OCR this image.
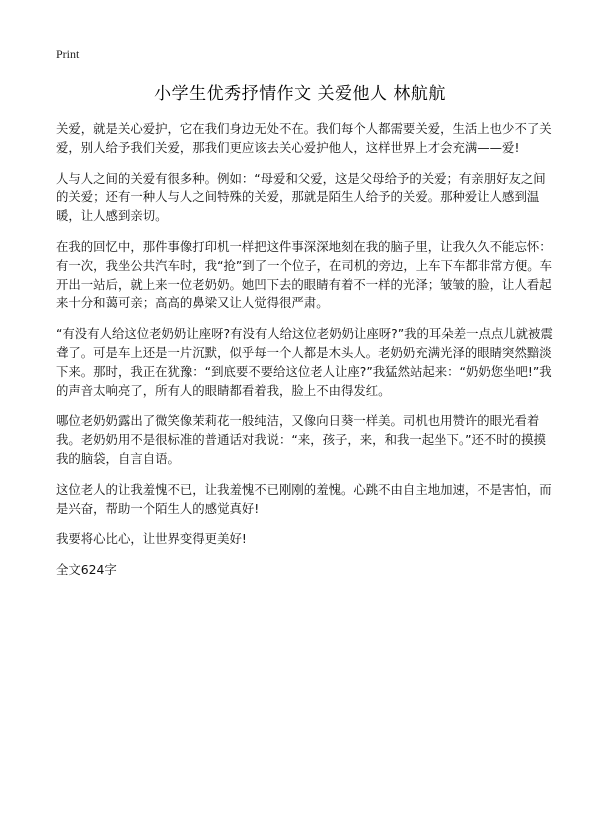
Print
小学生优秀抒情作文 关爱他人 林航航

关爱，就是关心爱护，它在我们身边无处不在。我们每个人都需要关爱，生活上也少不了关爱，别人给予我们关爱，那我们更应该去关心爱护他人，这样世界上才会充满——爱!

人与人之间的关爱有很多种。例如：“母爱和父爱，这是父母给予的关爱；有亲朋好友之间的关爱；还有一种人与人之间特殊的关爱，那就是陌生人给予的关爱。那种爱让人感到温暖，让人感到亲切。

在我的回忆中，那件事像打印机一样把这件事深深地刻在我的脑子里，让我久久不能忘怀：有一次，我坐公共汽车时，我“抢”到了一个位子，在司机的旁边，上车下车都非常方便。车开出一站后，就上来一位老奶奶。她凹下去的眼睛有着不一样的光泽；皱皱的脸，让人看起来十分和蔼可亲；高高的鼻梁又让人觉得很严肃。

“有没有人给这位老奶奶让座呀?有没有人给这位老奶奶让座呀?”我的耳朵差一点点儿就被震聋了。可是车上还是一片沉默，似乎每一个人都是木头人。老奶奶充满光泽的眼睛突然黯淡下来。那时，我正在犹豫：“到底要不要给这位老人让座?”我猛然站起来：“奶奶您坐吧!”我的声音太响亮了，所有人的眼睛都看着我，脸上不由得发红。

哪位老奶奶露出了微笑像茉莉花一般纯洁，又像向日葵一样美。司机也用赞许的眼光看着我。老奶奶用不是很标准的普通话对我说：“来，孩子，来，和我一起坐下。”还不时的摸摸我的脑袋，自言自语。

这位老人的让我羞愧不已，让我羞愧不已刚刚的羞愧。心跳不由自主地加速，不是害怕，而是兴奋，帮助一个陌生人的感觉真好!

我要将心比心，让世界变得更美好!

全文624字
